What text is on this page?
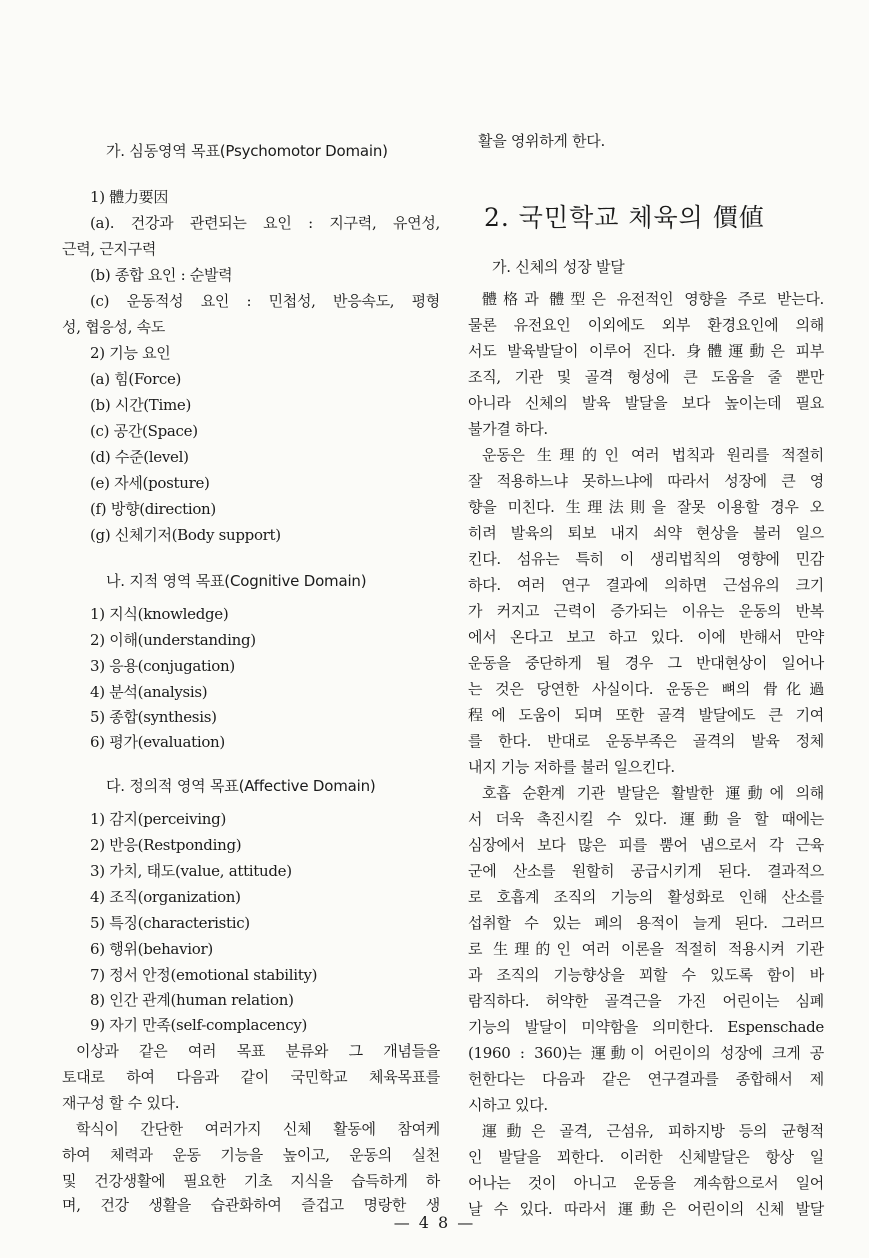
가. 심동영역 목표(Psychomotor Domain)
1) 體力要因
(a). 건강과 관련되는 요인 : 지구력, 유연성,
근력, 근지구력
(b) 종합 요인 : 순발력
(c) 운동적성 요인 : 민첩성, 반응속도, 평형
성, 협응성, 속도
2) 기능 요인
(a) 힘(Force)
(b) 시간(Time)
(c) 공간(Space)
(d) 수준(level)
(e) 자세(posture)
(f) 방향(direction)
(g) 신체기저(Body support)
나. 지적 영역 목표(Cognitive Domain)
1) 지식(knowledge)
2) 이해(understanding)
3) 응용(conjugation)
4) 분석(analysis)
5) 종합(synthesis)
6) 평가(evaluation)
다. 정의적 영역 목표(Affective Domain)
1) 감지(perceiving)
2) 반응(Restponding)
3) 가치, 태도(value, attitude)
4) 조직(organization)
5) 특징(characteristic)
6) 행위(behavior)
7) 정서 안정(emotional stability)
8) 인간 관계(human relation)
9) 자기 만족(self-complacency)
이상과 같은 여러 목표 분류와 그 개념들을
토대로 하여 다음과 같이 국민학교 체육목표를
재구성 할 수 있다.
학식이 간단한 여러가지 신체 활동에 참여케
하여 체력과 운동 기능을 높이고, 운동의 실천
및 건강생활에 필요한 기초 지식을 습득하게 하
며, 건강 생활을 습관화하여 즐겁고 명랑한 생
활을 영위하게 한다.
2. 국민학교 체육의 價値
가. 신체의 성장 발달
體格과 體型은 유전적인 영향을 주로 받는다.
물론 유전요인 이외에도 외부 환경요인에 의해
서도 발육발달이 이루어 진다. 身體運動은 피부
조직, 기관 및 골격 형성에 큰 도움을 줄 뿐만
아니라 신체의 발육 발달을 보다 높이는데 필요
불가결 하다.
운동은 生理的인 여러 법칙과 원리를 적절히
잘 적용하느냐 못하느냐에 따라서 성장에 큰 영
향을 미친다. 生理法則을 잘못 이용할 경우 오
히려 발육의 퇴보 내지 쇠약 현상을 불러 일으
킨다. 섬유는 특히 이 생리법칙의 영향에 민감
하다. 여러 연구 결과에 의하면 근섬유의 크기
가 커지고 근력이 증가되는 이유는 운동의 반복
에서 온다고 보고 하고 있다. 이에 반해서 만약
운동을 중단하게 될 경우 그 반대현상이 일어나
는 것은 당연한 사실이다. 운동은 뼈의 骨化過
程에 도움이 되며 또한 골격 발달에도 큰 기여
를 한다. 반대로 운동부족은 골격의 발육 정체
내지 기능 저하를 불러 일으킨다.
호흡 순환계 기관 발달은 활발한 運動에 의해
서 더욱 촉진시킬 수 있다. 運動을 할 때에는
심장에서 보다 많은 피를 뿜어 냄으로서 각 근육
군에 산소를 원할히 공급시키게 된다. 결과적으
로 호흡계 조직의 기능의 활성화로 인해 산소를
섭취할 수 있는 폐의 용적이 늘게 된다. 그러므
로 生理的인 여러 이론을 적절히 적용시켜 기관
과 조직의 기능향상을 꾀할 수 있도록 함이 바
람직하다. 허약한 골격근을 가진 어린이는 심폐
기능의 발달이 미약함을 의미한다. Espenschade
(1960 : 360)는 運動이 어린이의 성장에 크게 공
헌한다는 다음과 같은 연구결과를 종합해서 제
시하고 있다.
運動은 골격, 근섬유, 피하지방 등의 균형적
인 발달을 꾀한다. 이러한 신체발달은 항상 일
어나는 것이 아니고 운동을 계속함으로서 일어
날 수 있다. 따라서 運動은 어린이의 신체 발달
— 4 8 —
